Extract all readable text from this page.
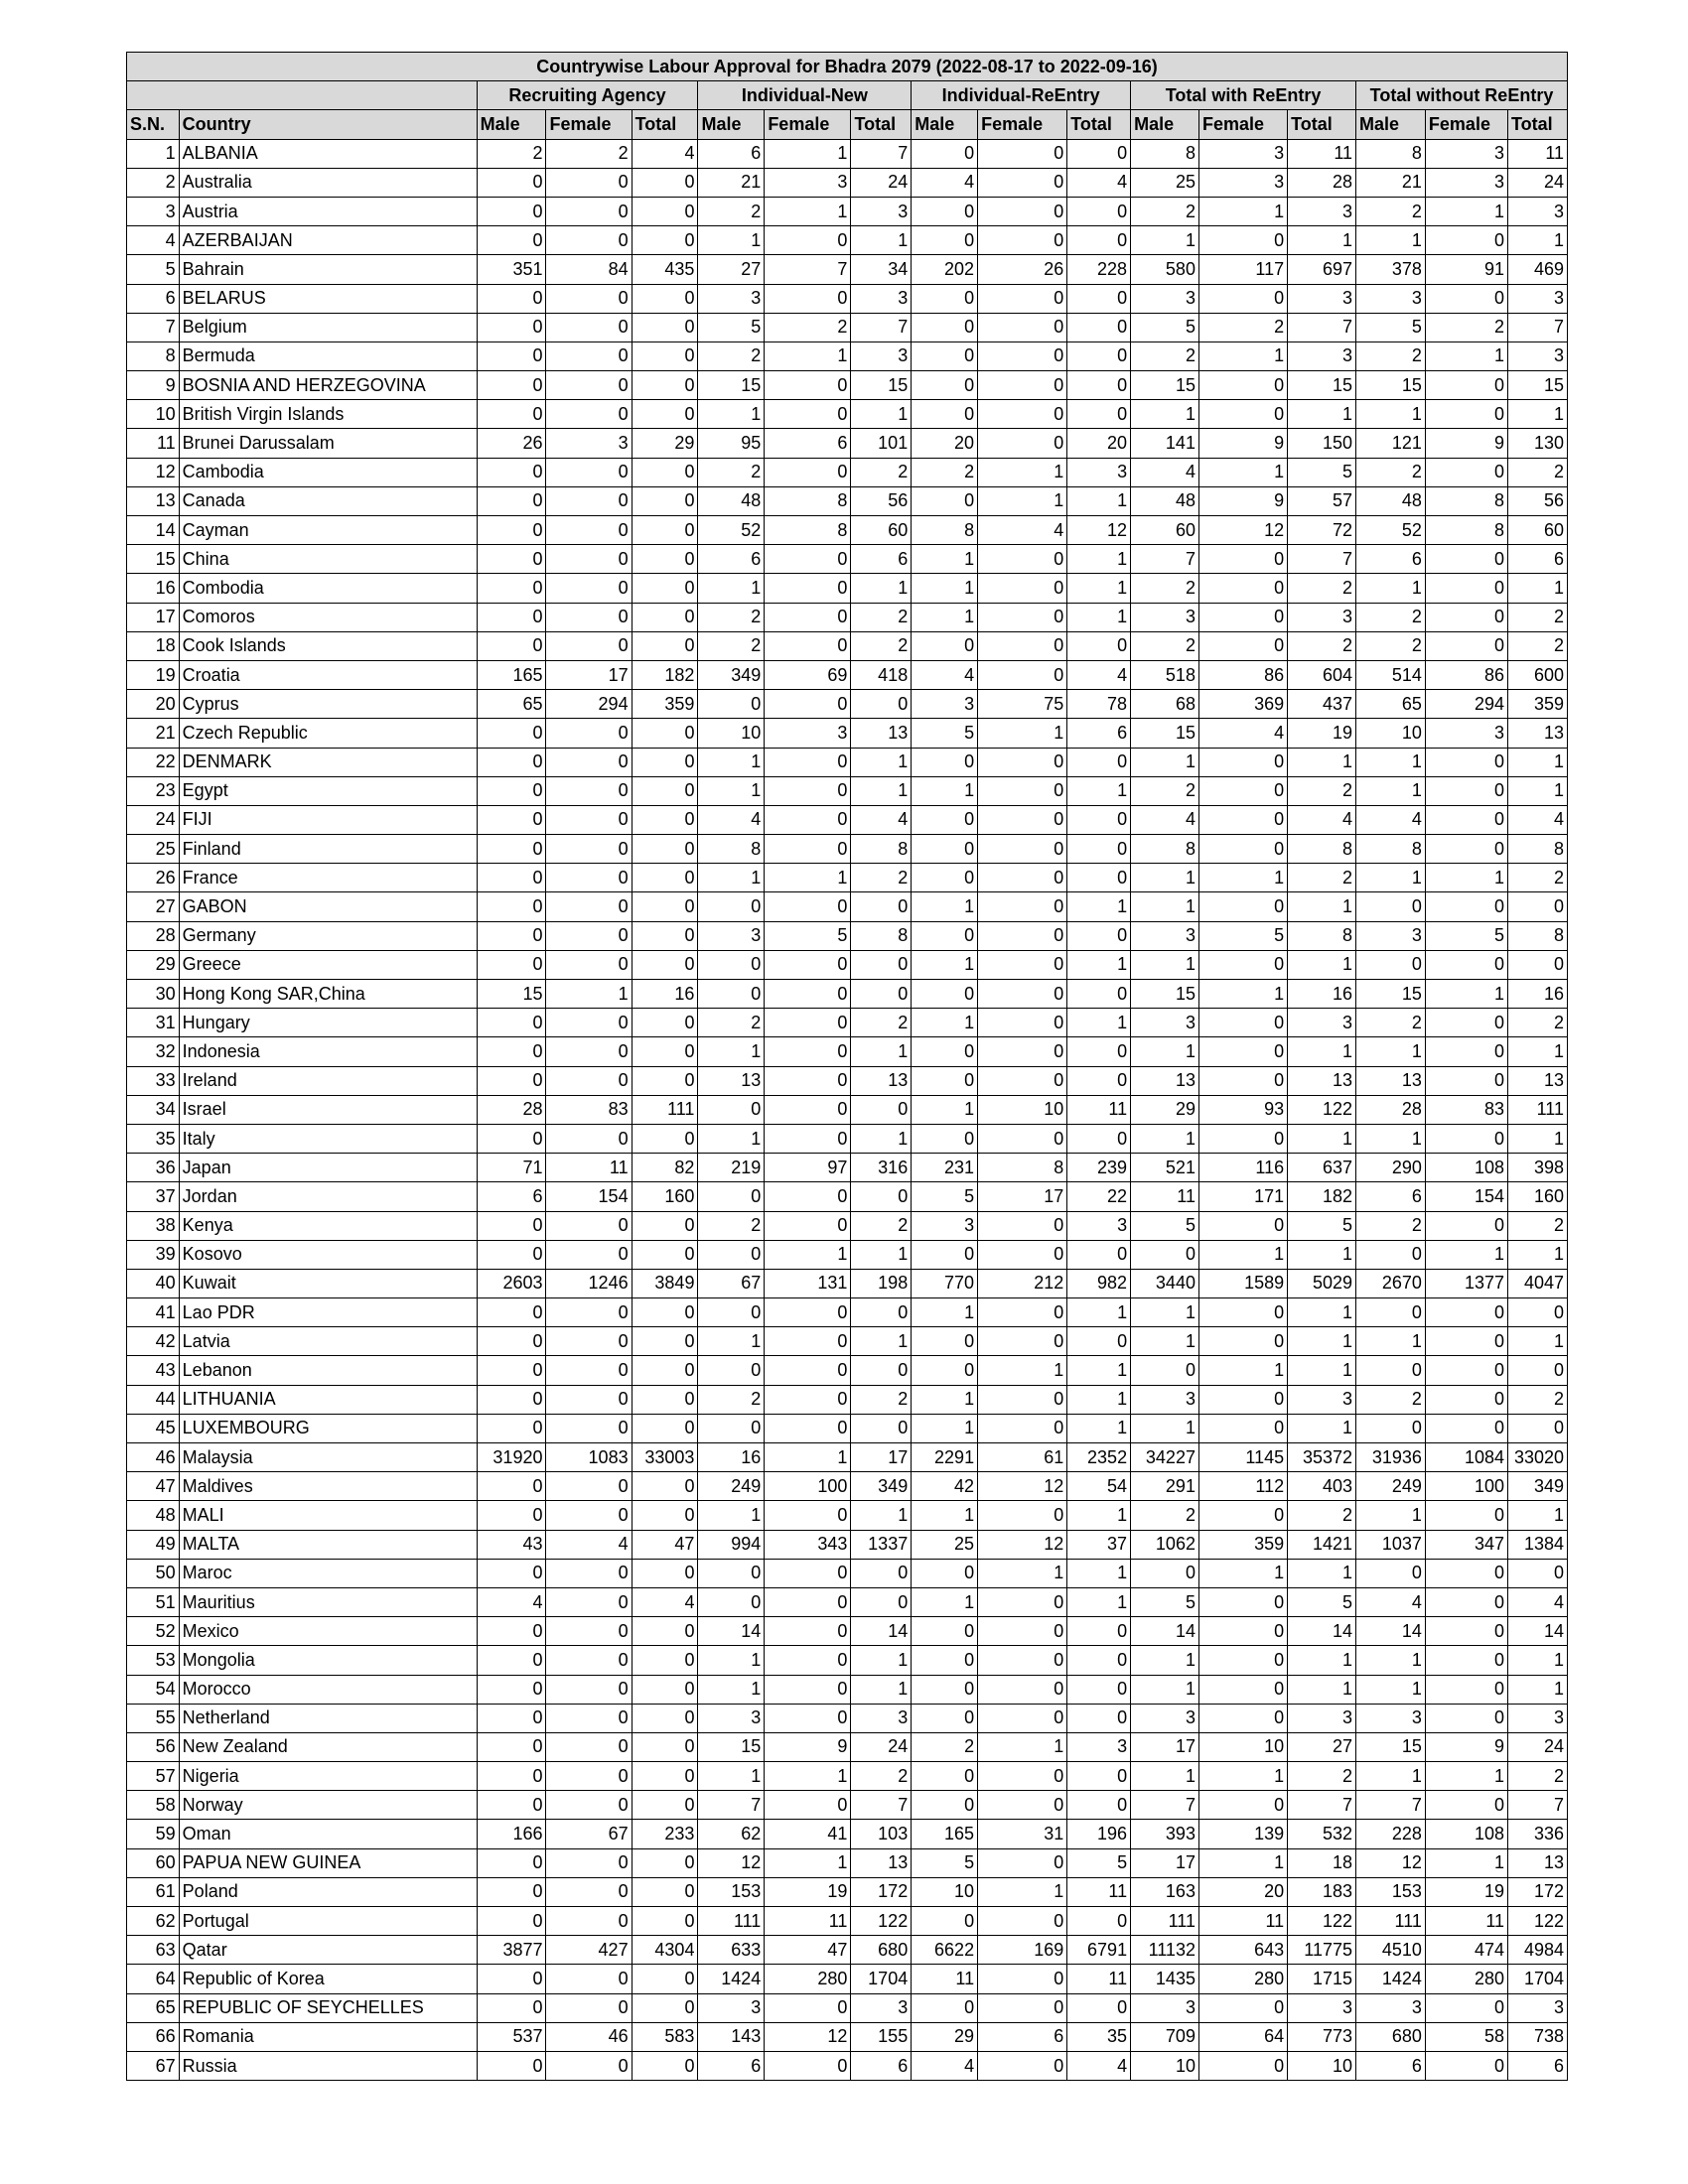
Countrywise Labour Approval for Bhadra 2079 (2022-08-17 to 2022-09-16)																
		Recruiting Agency			Individual-New			Individual-ReEntry			Total with ReEntry			Total without ReEntry		
S.N.	Country	Male	Female	Total	Male	Female	Total	Male	Female	Total	Male	Female	Total	Male	Female	Total
1	ALBANIA	2	2	4	6	1	7	0	0	0	8	3	11	8	3	11
2	Australia	0	0	0	21	3	24	4	0	4	25	3	28	21	3	24
3	Austria	0	0	0	2	1	3	0	0	0	2	1	3	2	1	3
4	AZERBAIJAN	0	0	0	1	0	1	0	0	0	1	0	1	1	0	1
5	Bahrain	351	84	435	27	7	34	202	26	228	580	117	697	378	91	469
6	BELARUS	0	0	0	3	0	3	0	0	0	3	0	3	3	0	3
7	Belgium	0	0	0	5	2	7	0	0	0	5	2	7	5	2	7
8	Bermuda	0	0	0	2	1	3	0	0	0	2	1	3	2	1	3
9	BOSNIA AND HERZEGOVINA	0	0	0	15	0	15	0	0	0	15	0	15	15	0	15
10	British Virgin Islands	0	0	0	1	0	1	0	0	0	1	0	1	1	0	1
11	Brunei Darussalam	26	3	29	95	6	101	20	0	20	141	9	150	121	9	130
12	Cambodia	0	0	0	2	0	2	2	1	3	4	1	5	2	0	2
13	Canada	0	0	0	48	8	56	0	1	1	48	9	57	48	8	56
14	Cayman	0	0	0	52	8	60	8	4	12	60	12	72	52	8	60
15	China	0	0	0	6	0	6	1	0	1	7	0	7	6	0	6
16	Combodia	0	0	0	1	0	1	1	0	1	2	0	2	1	0	1
17	Comoros	0	0	0	2	0	2	1	0	1	3	0	3	2	0	2
18	Cook Islands	0	0	0	2	0	2	0	0	0	2	0	2	2	0	2
19	Croatia	165	17	182	349	69	418	4	0	4	518	86	604	514	86	600
20	Cyprus	65	294	359	0	0	0	3	75	78	68	369	437	65	294	359
21	Czech Republic	0	0	0	10	3	13	5	1	6	15	4	19	10	3	13
22	DENMARK	0	0	0	1	0	1	0	0	0	1	0	1	1	0	1
23	Egypt	0	0	0	1	0	1	1	0	1	2	0	2	1	0	1
24	FIJI	0	0	0	4	0	4	0	0	0	4	0	4	4	0	4
25	Finland	0	0	0	8	0	8	0	0	0	8	0	8	8	0	8
26	France	0	0	0	1	1	2	0	0	0	1	1	2	1	1	2
27	GABON	0	0	0	0	0	0	1	0	1	1	0	1	0	0	0
28	Germany	0	0	0	3	5	8	0	0	0	3	5	8	3	5	8
29	Greece	0	0	0	0	0	0	1	0	1	1	0	1	0	0	0
30	Hong Kong SAR,China	15	1	16	0	0	0	0	0	0	15	1	16	15	1	16
31	Hungary	0	0	0	2	0	2	1	0	1	3	0	3	2	0	2
32	Indonesia	0	0	0	1	0	1	0	0	0	1	0	1	1	0	1
33	Ireland	0	0	0	13	0	13	0	0	0	13	0	13	13	0	13
34	Israel	28	83	111	0	0	0	1	10	11	29	93	122	28	83	111
35	Italy	0	0	0	1	0	1	0	0	0	1	0	1	1	0	1
36	Japan	71	11	82	219	97	316	231	8	239	521	116	637	290	108	398
37	Jordan	6	154	160	0	0	0	5	17	22	11	171	182	6	154	160
38	Kenya	0	0	0	2	0	2	3	0	3	5	0	5	2	0	2
39	Kosovo	0	0	0	0	1	1	0	0	0	0	1	1	0	1	1
40	Kuwait	2603	1246	3849	67	131	198	770	212	982	3440	1589	5029	2670	1377	4047
41	Lao PDR	0	0	0	0	0	0	1	0	1	1	0	1	0	0	0
42	Latvia	0	0	0	1	0	1	0	0	0	1	0	1	1	0	1
43	Lebanon	0	0	0	0	0	0	0	1	1	0	1	1	0	0	0
44	LITHUANIA	0	0	0	2	0	2	1	0	1	3	0	3	2	0	2
45	LUXEMBOURG	0	0	0	0	0	0	1	0	1	1	0	1	0	0	0
46	Malaysia	31920	1083	33003	16	1	17	2291	61	2352	34227	1145	35372	31936	1084	33020
47	Maldives	0	0	0	249	100	349	42	12	54	291	112	403	249	100	349
48	MALI	0	0	0	1	0	1	1	0	1	2	0	2	1	0	1
49	MALTA	43	4	47	994	343	1337	25	12	37	1062	359	1421	1037	347	1384
50	Maroc	0	0	0	0	0	0	0	1	1	0	1	1	0	0	0
51	Mauritius	4	0	4	0	0	0	1	0	1	5	0	5	4	0	4
52	Mexico	0	0	0	14	0	14	0	0	0	14	0	14	14	0	14
53	Mongolia	0	0	0	1	0	1	0	0	0	1	0	1	1	0	1
54	Morocco	0	0	0	1	0	1	0	0	0	1	0	1	1	0	1
55	Netherland	0	0	0	3	0	3	0	0	0	3	0	3	3	0	3
56	New Zealand	0	0	0	15	9	24	2	1	3	17	10	27	15	9	24
57	Nigeria	0	0	0	1	1	2	0	0	0	1	1	2	1	1	2
58	Norway	0	0	0	7	0	7	0	0	0	7	0	7	7	0	7
59	Oman	166	67	233	62	41	103	165	31	196	393	139	532	228	108	336
60	PAPUA NEW GUINEA	0	0	0	12	1	13	5	0	5	17	1	18	12	1	13
61	Poland	0	0	0	153	19	172	10	1	11	163	20	183	153	19	172
62	Portugal	0	0	0	111	11	122	0	0	0	111	11	122	111	11	122
63	Qatar	3877	427	4304	633	47	680	6622	169	6791	11132	643	11775	4510	474	4984
64	Republic of Korea	0	0	0	1424	280	1704	11	0	11	1435	280	1715	1424	280	1704
65	REPUBLIC OF SEYCHELLES	0	0	0	3	0	3	0	0	0	3	0	3	3	0	3
66	Romania	537	46	583	143	12	155	29	6	35	709	64	773	680	58	738
67	Russia	0	0	0	6	0	6	4	0	4	10	0	10	6	0	6
